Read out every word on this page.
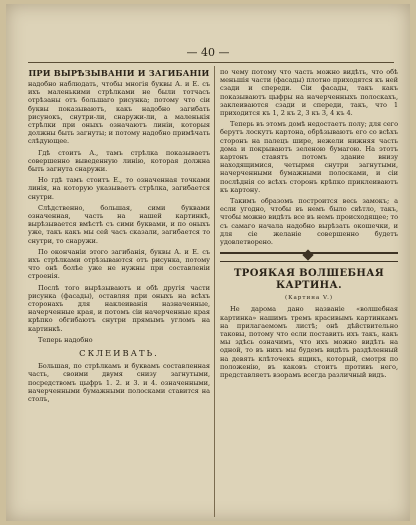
— 40 —
ПРИ ВЫРѢЗЫВАНІИ И ЗАГИБАНІИ

надобно наблюдать, чтобы многія буквы А. и Е. съ ихъ маленькими стрѣлками не были тотчасъ отрѣзаны отъ большаго рисунка; потому что сіи буквы показываютъ, какъ надобно загибать рисунокъ, снутри-ли, снаружи-ли, а маленькія стрѣлки при оныхъ означаютъ линіи, которыя должны быть загнуты; и потому надобно примѣчать слѣдующее.

Гдѣ стоитъ А., тамъ стрѣлка показываетъ совершенно выведенную линію, которая должна быть загнута снаружи.

Но гдѣ тамъ стоитъ Е., то означенная точками линія, на которую указываетъ стрѣлка, загибается снутри.

Слѣдственно, большая, сими буквами означенная, часть на нашей картинкѣ, вырѣзывается вмѣстѣ съ сими буквами, и по оныхъ уже, такъ какъ мы сей часъ сказали, загибается то снутри, то снаружи.

По окончаніи этого загибанія, буквы А. и Е. съ ихъ стрѣлками отрѣзываются отъ рисунка, потому что онѣ болѣе уже не нужны при составленіи строенія.

Послѣ того вырѣзываютъ и обѣ другія части рисунка (фасады), оставляя при оныхъ на всѣхъ сторонахъ для наклеиванія назначенные, начерченные края, и потомъ сіи начерченные края крѣпко обгибаютъ снутри прямымъ угломъ на картинкѣ.

Теперь надобно

СКЛЕИВАТЬ.

Большая, по стрѣлкамъ и буквамъ составленная часть, своими двумя снизу загнутыми, посредствомъ цыфръ 1. 2. и 3. и 4. означенными, начерченными бумажными полосками ставится на столъ,

по чему потому что часть можно видѣть, что обѣ меньшія части (фасады) плотно приходятся къ ней сзади и спереди. Сіи фасады, такъ какъ показываютъ цыфры на начерченныхъ полоскахъ, заклеиваются сзади и спереди, такъ, что 1 приходится къ 1, 2 къ 2, 3 къ 3, 4 къ 4.

Теперь въ этомъ домѣ недостаетъ полу; для сего берутъ лоскутъ картона, обрѣзываютъ его со всѣхъ сторонъ на палецъ шире, нежели нижняя часть дома и покрываютъ зеленою бумагою. На этотъ картонъ ставятъ потомъ здание внизу находящимися, четырмя снутри загнутыми, начерченными бумажными полосками, и сіи послѣднія со всѣхъ сторонъ крѣпко приклеиваютъ къ картону.

Такимъ образомъ построится весь замокъ; а если угодно, чтобы въ немъ было свѣтло, такъ, чтобы можно видѣть все въ немъ происходящее; то съ самаго начала надобно вырѣзать окошечки, и для сіе желаніе совершенно будетъ удовлетворено.

ТРОЯКАЯ ВОЛШЕБНАЯ КАРТИНА.
(Картина V.)

Не дарома дано названіе «волшебная картинка» нашимъ тремъ красивымъ картинкамъ на прилагаемомъ листѣ; онѣ дѣйствительно таковы, потому что если поставить ихъ такъ, какъ мы здѣсь означимъ, что ихъ можно видѣть на одной, то въ нихъ мы будемъ видѣть раздѣленный на девять клѣточекъ ящикъ, который, смотря по положенію, въ каковъ стоитъ противъ него, представляетъ взорамъ всегда различный видъ.
